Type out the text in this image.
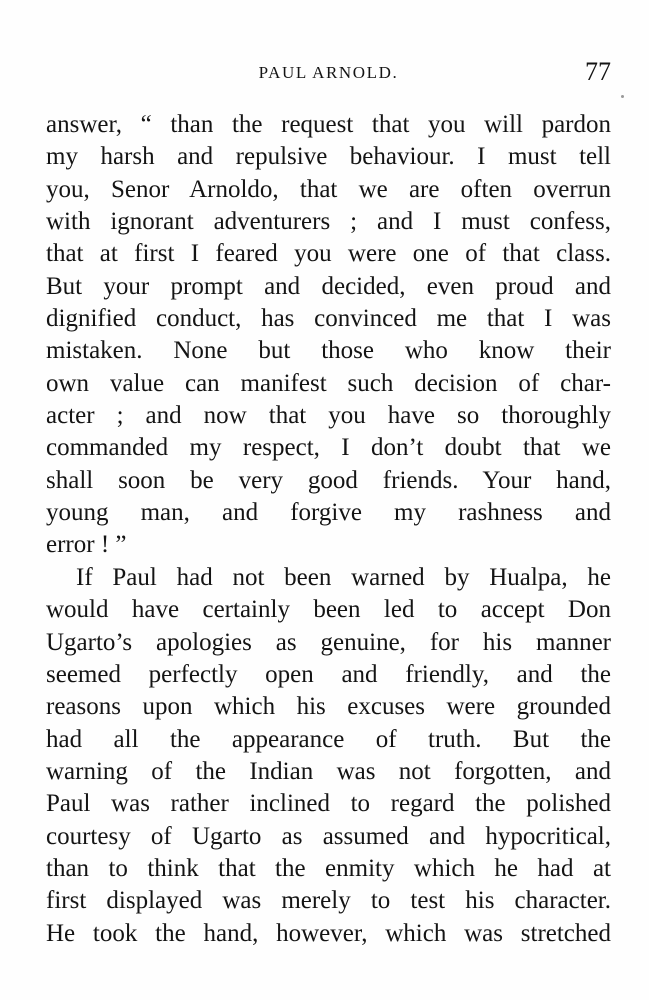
PAUL ARNOLD.	77
answer, “ than the request that you will pardon
my harsh and repulsive behaviour. I must tell
you, Senor Arnoldo, that we are often overrun
with ignorant adventurers ; and I must confess,
that at first I feared you were one of that class.
But your prompt and decided, even proud and
dignified conduct, has convinced me that I was
mistaken. None but those who know their
own value can manifest such decision of char-
acter ; and now that you have so thoroughly
commanded my respect, I don’t doubt that we
shall soon be very good friends. Your hand,
young man, and forgive my rashness and
error ! ”
If Paul had not been warned by Hualpa, he
would have certainly been led to accept Don
Ugarto’s apologies as genuine, for his manner
seemed perfectly open and friendly, and the
reasons upon which his excuses were grounded
had all the appearance of truth. But the
warning of the Indian was not forgotten, and
Paul was rather inclined to regard the polished
courtesy of Ugarto as assumed and hypocritical,
than to think that the enmity which he had at
first displayed was merely to test his character.
He took the hand, however, which was stretched
